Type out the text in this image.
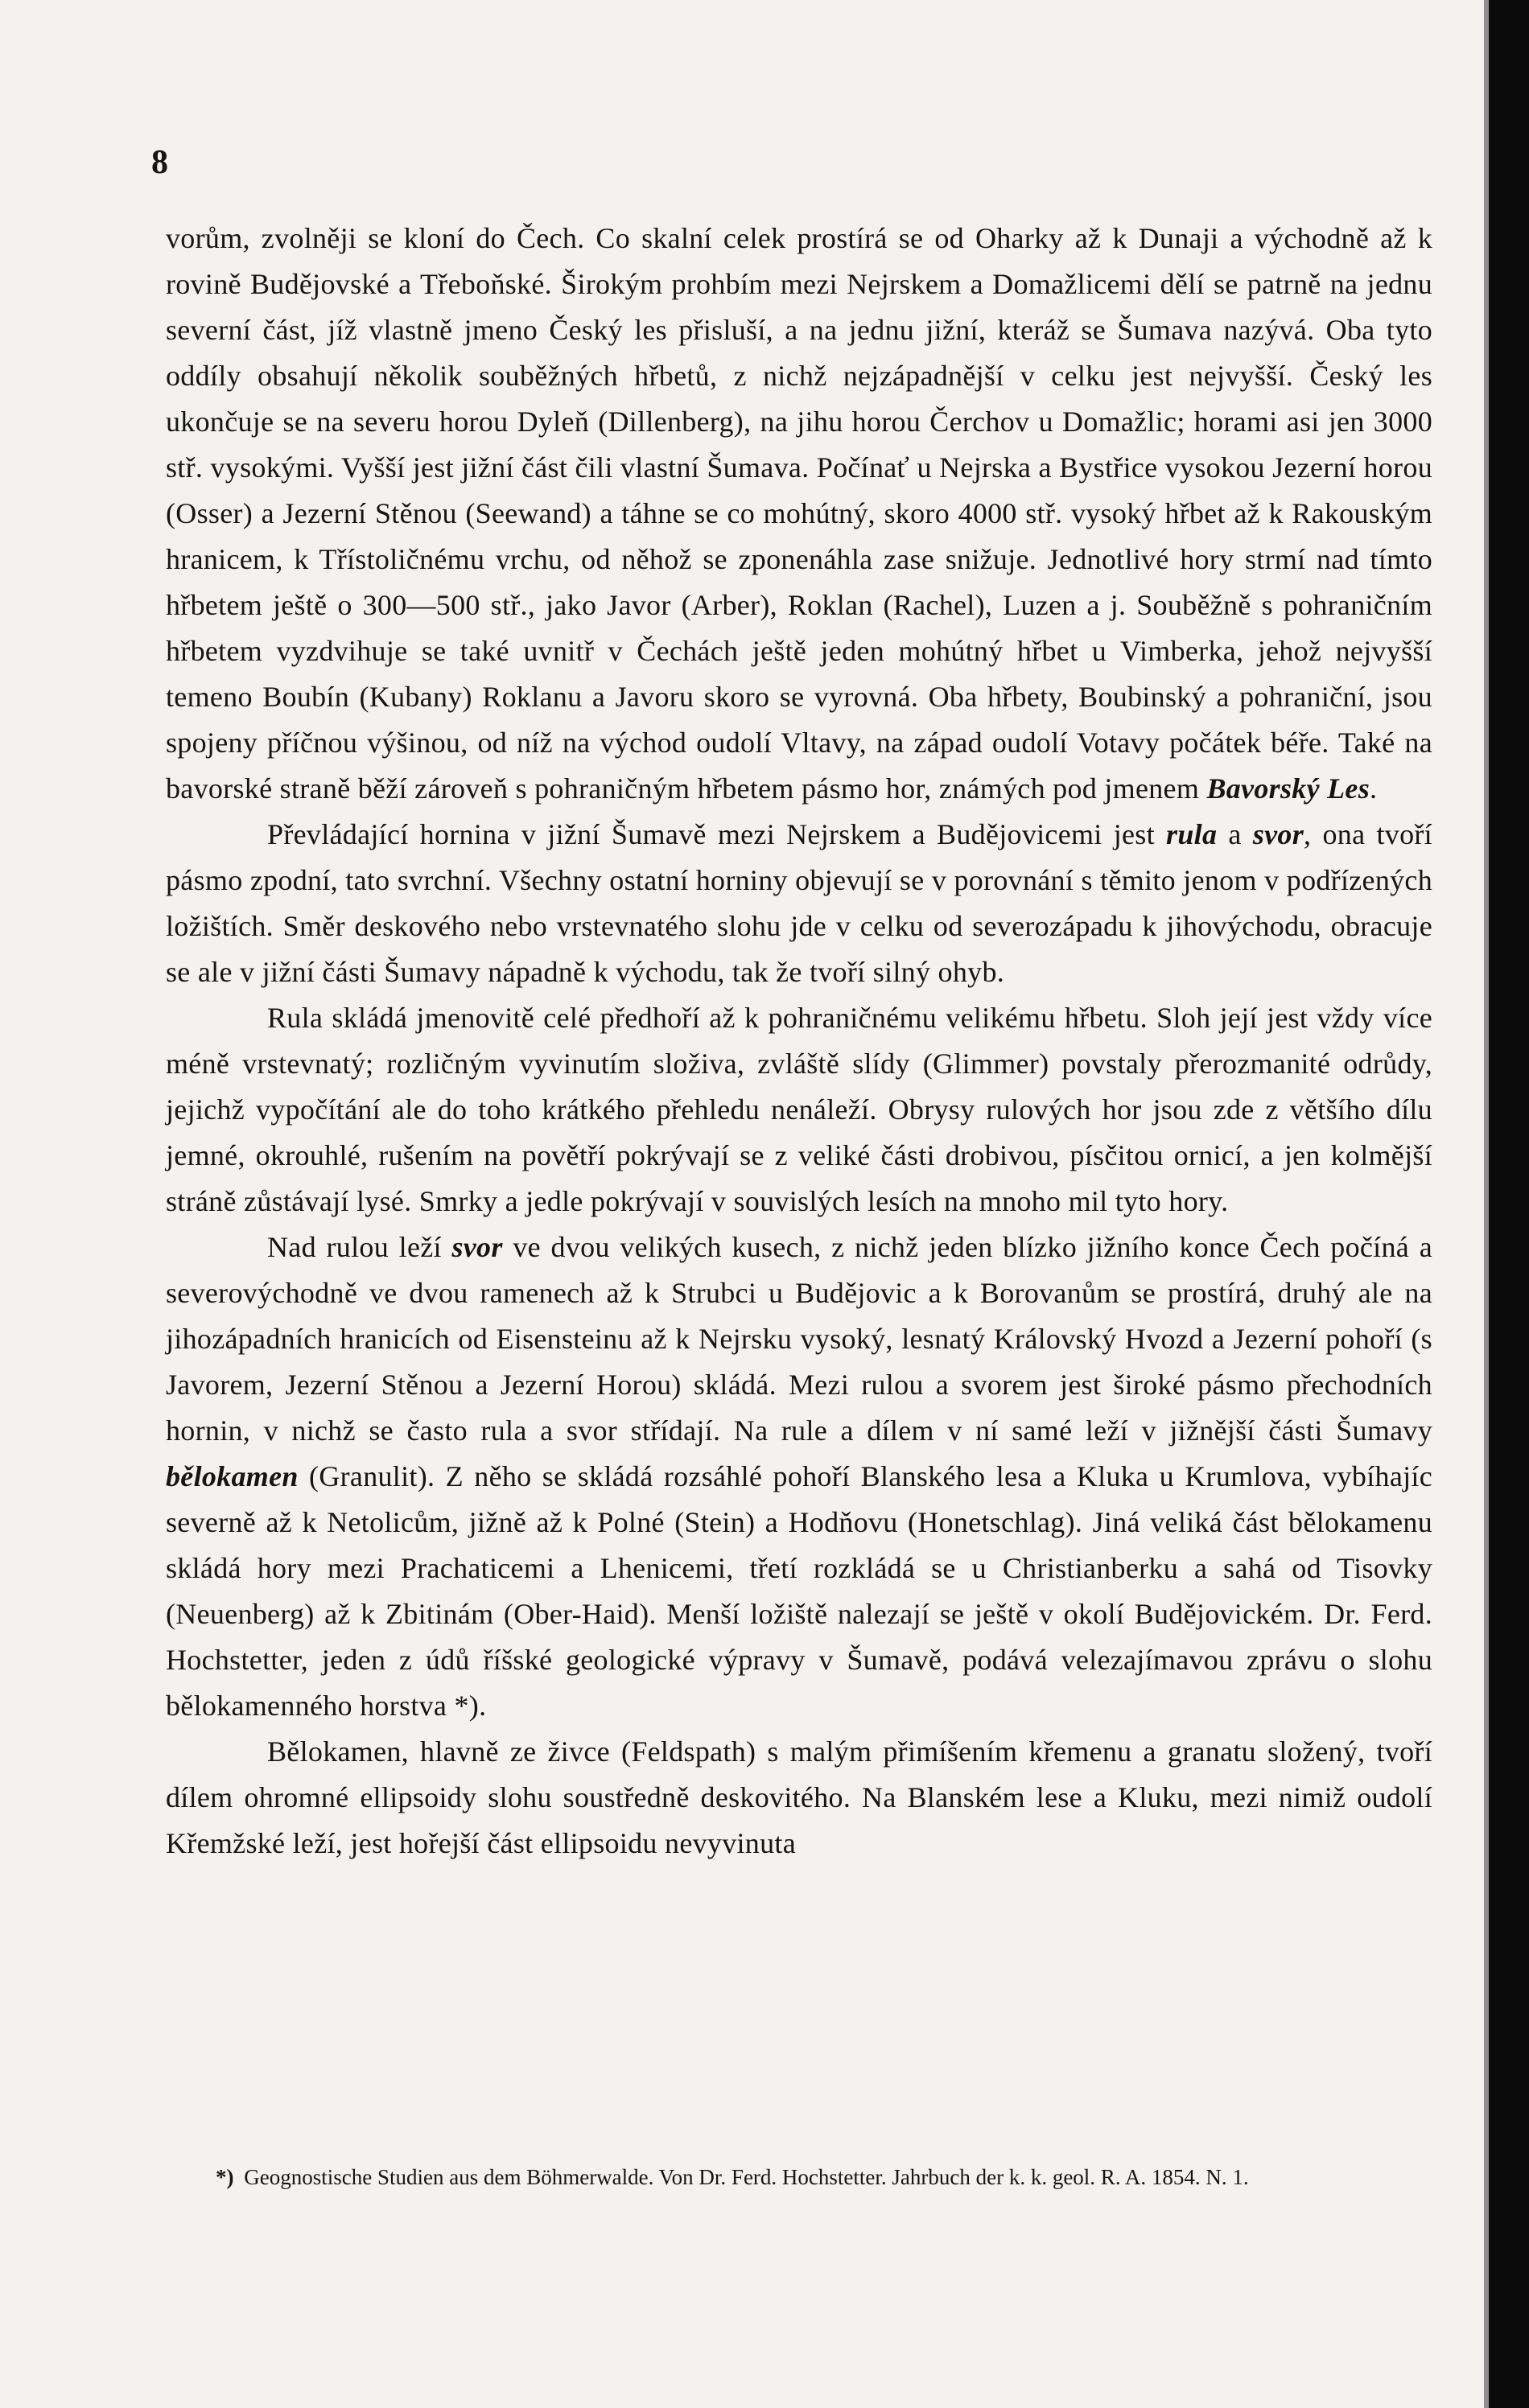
8

vorům, zvolněji se kloní do Čech. Co skalní celek prostírá se od Oharky až k Dunaji a východně až k rovině Budějovské a Třeboňské. Širokým prohbím mezi Nejrskem a Domažlicemi dělí se patrně na jednu severní část, jíž vlastně jmeno Český les přisluší, a na jednu jižní, kteráž se Šumava nazývá. Oba tyto oddíly obsahují několik souběžných hřbetů, z nichž nejzápadnější v celku jest nejvyšší. Český les ukončuje se na severu horou Dyleň (Dillenberg), na jihu horou Čerchov u Domažlic; horami asi jen 3000 stř. vysokými. Vyšší jest jižní část čili vlastní Šumava. Počínať u Nejrska a Bystřice vysokou Jezerní horou (Osser) a Jezerní Stěnou (Seewand) a táhne se co mohútný, skoro 4000 stř. vysoký hřbet až k Rakouským hranicem, k Třístoličnému vrchu, od něhož se zponenáhla zase snižuje. Jednotlivé hory strmí nad tímto hřbetem ještě o 300—500 stř., jako Javor (Arber), Roklan (Rachel), Luzen a j. Souběžně s pohraničním hřbetem vyzdvihuje se také uvnitř v Čechách ještě jeden mohútný hřbet u Vimberka, jehož nejvyšší temeno Boubín (Kubany) Roklanu a Javoru skoro se vyrovná. Oba hřbety, Boubinský a pohraniční, jsou spojeny příčnou výšinou, od níž na východ oudolí Vltavy, na západ oudolí Votavy počátek béře. Také na bavorské straně běží zároveň s pohraničným hřbetem pásmo hor, známých pod jmenem Bavorský Les.

Převládající hornina v jižní Šumavě mezi Nejrskem a Budějovicemi jest rula a svor, ona tvoří pásmo zpodní, tato svrchní. Všechny ostatní horniny objevují se v porovnání s těmito jenom v podřízených ložištích. Směr deskového nebo vrstevnatého slohu jde v celku od severozápadu k jihovýchodu, obracuje se ale v jižní části Šumavy nápadně k východu, tak že tvoří silný ohyb.

Rula skládá jmenovitě celé předhoří až k pohraničnému velikému hřbetu. Sloh její jest vždy více méně vrstevnatý; rozličným vyvinutím složiva, zvláště slídy (Glimmer) povstaly přerozmanité odrůdy, jejichž vypočítání ale do toho krátkého přehledu nenáleží. Obrysy rulových hor jsou zde z většího dílu jemné, okrouhlé, rušením na povětří pokrývají se z veliké části drobivou, písčitou ornicí, a jen kolmější stráně zůstávají lysé. Smrky a jedle pokrývají v souvislých lesích na mnoho mil tyto hory.

Nad rulou leží svor ve dvou velikých kusech, z nichž jeden blízko jižního konce Čech počíná a severovýchodně ve dvou ramenech až k Strubci u Budějovic a k Borovanům se prostírá, druhý ale na jihozápadních hranicích od Eisensteinu až k Nejrsku vysoký, lesnatý Královský Hvozd a Jezerní pohoří (s Javorem, Jezerní Stěnou a Jezerní Horou) skládá. Mezi rulou a svorem jest široké pásmo přechodních hornin, v nichž se často rula a svor střídají. Na rule a dílem v ní samé leží v jižnější části Šumavy bělokamen (Granulit). Z něho se skládá rozsáhlé pohoří Blanského lesa a Kluka u Krumlova, vybíhajíc severně až k Netolicům, jižně až k Polné (Stein) a Hodňovu (Honetschlag). Jiná veliká část bělokamenu skládá hory mezi Prachaticemi a Lhenicemi, třetí rozkládá se u Christianberku a sahá od Tisovky (Neuenberg) až k Zbitinám (Ober-Haid). Menší ložiště nalezají se ještě v okolí Budějovickém. Dr. Ferd. Hochstetter, jeden z údů říšské geologické výpravy v Šumavě, podává velezajímavou zprávu o slohu bělokamenného horstva *).

Bělokamen, hlavně ze živce (Feldspath) s malým přimíšením křemenu a granatu složený, tvoří dílem ohromné ellipsoidy slohu soustředně deskovitého. Na Blanském lese a Kluku, mezi nimiž oudolí Křemžské leží, jest hořejší část ellipsoidu nevyvinuta

*) Geognostische Studien aus dem Böhmerwalde. Von Dr. Ferd. Hochstetter. Jahrbuch der k. k. geol. R. A. 1854. N. 1.
